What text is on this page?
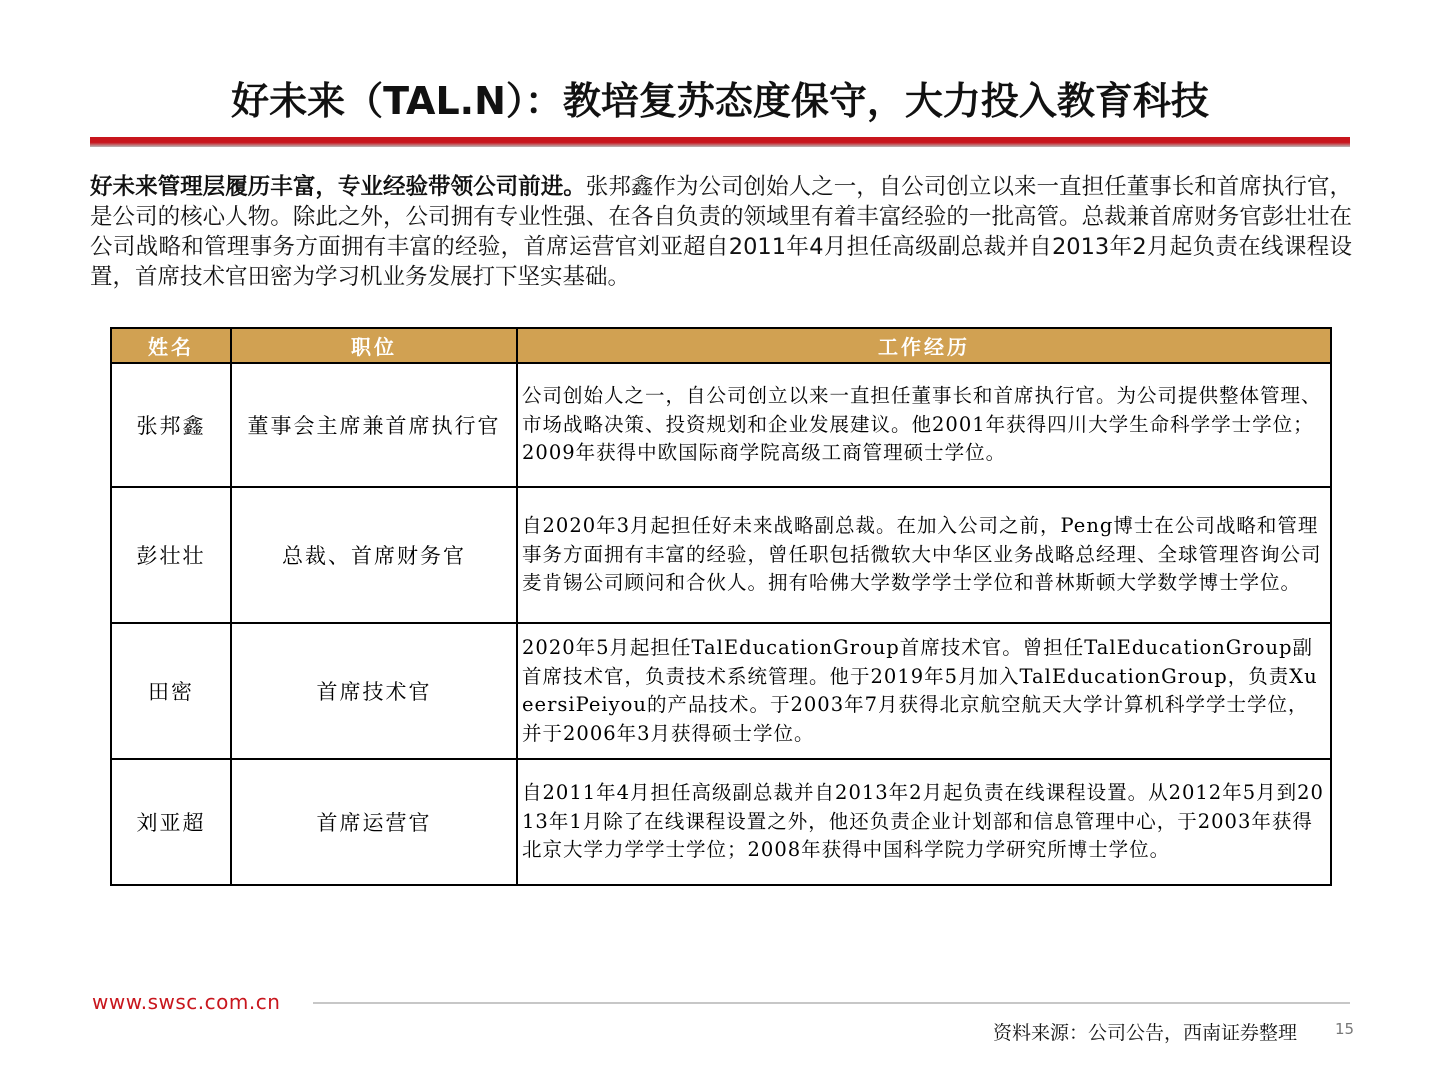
好未来（TAL.N）：教培复苏态度保守，大力投入教育科技
好未来管理层履历丰富，专业经验带领公司前进。张邦鑫作为公司创始人之一，自公司创立以来一直担任董事长和首席执行官，是公司的核心人物。除此之外，公司拥有专业性强、在各自负责的领域里有着丰富经验的一批高管。总裁兼首席财务官彭壮壮在公司战略和管理事务方面拥有丰富的经验，首席运营官刘亚超自2011年4月担任高级副总裁并自2013年2月起负责在线课程设置，首席技术官田密为学习机业务发展打下坚实基础。
姓名	职位	工作经历
张邦鑫	董事会主席兼首席执行官	公司创始人之一，自公司创立以来一直担任董事长和首席执行官。为公司提供整体管理、市场战略决策、投资规划和企业发展建议。他2001年获得四川大学生命科学学士学位；2009年获得中欧国际商学院高级工商管理硕士学位。
彭壮壮	总裁、首席财务官	自2020年3月起担任好未来战略副总裁。在加入公司之前，Peng博士在公司战略和管理事务方面拥有丰富的经验，曾任职包括微软大中华区业务战略总经理、全球管理咨询公司麦肯锡公司顾问和合伙人。拥有哈佛大学数学学士学位和普林斯顿大学数学博士学位。
田密	首席技术官	2020年5月起担任TalEducationGroup首席技术官。曾担任TalEducationGroup副首席技术官，负责技术系统管理。他于2019年5月加入TalEducationGroup，负责XueersiPeiyou的产品技术。于2003年7月获得北京航空航天大学计算机科学学士学位，并于2006年3月获得硕士学位。
刘亚超	首席运营官	自2011年4月担任高级副总裁并自2013年2月起负责在线课程设置。从2012年5月到2013年1月除了在线课程设置之外，他还负责企业计划部和信息管理中心，于2003年获得北京大学力学学士学位；2008年获得中国科学院力学研究所博士学位。
www.swsc.com.cn
资料来源：公司公告，西南证券整理	15
